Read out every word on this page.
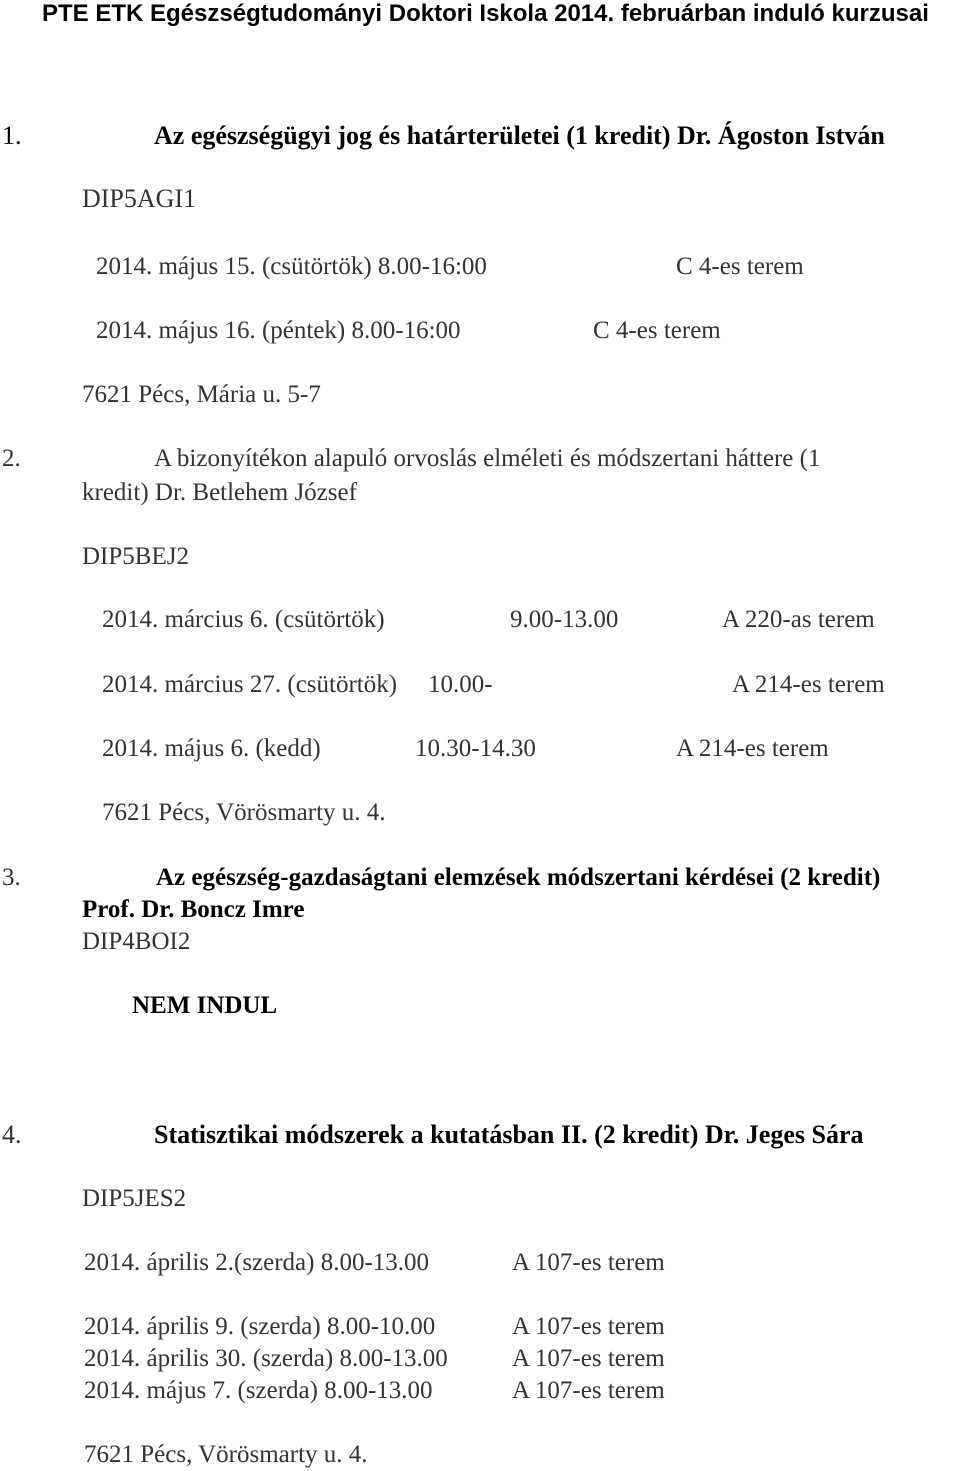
PTE ETK Egészségtudományi Doktori Iskola 2014. februárban induló kurzusai
1.	Az egészségügyi jog és határterületei (1 kredit) Dr. Ágoston István
DIP5AGI1
2014. május 15. (csütörtök) 8.00-16:00	C 4-es terem
2014. május 16. (péntek) 8.00-16:00	C 4-es terem
7621 Pécs, Mária u. 5-7
2.	A bizonyítékon alapuló orvoslás elméleti és módszertani háttere (1
kredit) Dr. Betlehem József
DIP5BEJ2
2014. március 6. (csütörtök)	9.00-13.00	A 220-as terem
2014. március 27. (csütörtök) 10.00-	A 214-es terem
2014. május 6. (kedd)	10.30-14.30	A 214-es terem
7621 Pécs, Vörösmarty u. 4.
3.	Az egészség-gazdaságtani elemzések módszertani kérdései (2 kredit)
Prof. Dr. Boncz Imre
DIP4BOI2
NEM INDUL
4.	Statisztikai módszerek a kutatásban II. (2 kredit) Dr. Jeges Sára
DIP5JES2
2014. április 2.(szerda) 8.00-13.00	A 107-es terem
2014. április 9. (szerda) 8.00-10.00	A 107-es terem
2014. április 30. (szerda) 8.00-13.00	A 107-es terem
2014. május 7. (szerda) 8.00-13.00	A 107-es terem
7621 Pécs, Vörösmarty u. 4.
